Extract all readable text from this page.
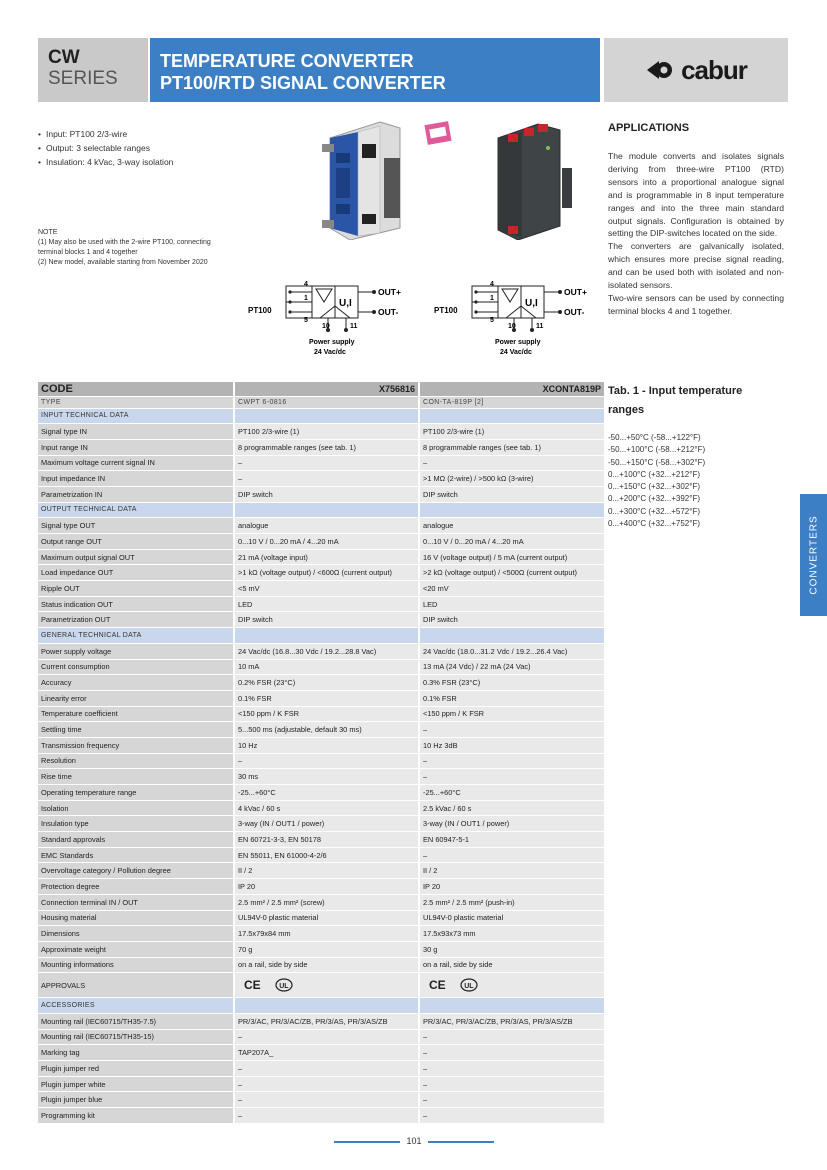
CW
SERIES
TEMPERATURE CONVERTER
PT100/RTD SIGNAL CONVERTER	cabur
• Input: PT100 2/3-wire
• Output: 3 selectable ranges
• Insulation: 4 kVac, 3-way isolation
NOTE
(1) May also be used with the 2-wire PT100, connecting terminal blocks 1 and 4 together
(2) New model, available starting from November 2020
4
1
5
10	11
U,I
PT100
OUT+
OUT-
Power supply
24 Vac/dc
4
1
5
10	11
U,I
PT100
OUT+
OUT-
Power supply
24 Vac/dc
APPLICATIONS

The module converts and isolates signals deriving from three-wire PT100 (RTD) sensors into a proportional analogue signal and is programmable in 8 input temperature ranges and into the three main standard output signals. Configuration is obtained by setting the DIP-switches located on the side.

The converters are galvanically isolated, which ensures more precise signal reading, and can be used both with isolated and non-isolated sensors.

Two-wire sensors can be used by connecting terminal blocks 4 and 1 together.

Tab. 1 - Input temperature ranges
-50...+50°C (-58...+122°F)
-50...+100°C (-58...+212°F)
-50...+150°C (-58...+302°F)
0...+100°C (+32...+212°F)
0...+150°C (+32...+302°F)
0...+200°C (+32...+392°F)
0...+300°C (+32...+572°F)
0...+400°C (+32...+752°F)	CONVERTERS
CODE	X756816	XCONTA819P
TYPE	CWPT 6-0816	CON-TA-819P [2]
INPUT TECHNICAL DATA		
Signal type IN	PT100 2/3-wire (1)	PT100 2/3-wire (1)
Input range IN	8 programmable ranges (see tab. 1)	8 programmable ranges (see tab. 1)
Maximum voltage current signal IN	–	–
Input impedance IN	–	>1 MΩ (2-wire) / >500 kΩ (3-wire)
Parametrization IN	DIP switch	DIP switch
OUTPUT TECHNICAL DATA		
Signal type OUT	analogue	analogue
Output range OUT	0...10 V / 0...20 mA / 4...20 mA	0...10 V / 0...20 mA / 4...20 mA
Maximum output signal OUT	21 mA (voltage input)	16 V (voltage output) / 5 mA (current output)
Load impedance OUT	>1 kΩ (voltage output) / <600Ω (current output)	>2 kΩ (voltage output) / <500Ω (current output)
Ripple OUT	<5 mV	<20 mV
Status indication OUT	LED	LED
Parametrization OUT	DIP switch	DIP switch
GENERAL TECHNICAL DATA		
Power supply voltage	24 Vac/dc (16.8...30 Vdc / 19.2...28.8 Vac)	24 Vac/dc (18.0...31.2 Vdc / 19.2...26.4 Vac)
Current consumption	10 mA	13 mA (24 Vdc) / 22 mA (24 Vac)
Accuracy	0.2% FSR (23°C)	0.3% FSR (23°C)
Linearity error	0.1% FSR	0.1% FSR
Temperature coefficient	<150 ppm / K FSR	<150 ppm / K FSR
Settling time	5...500 ms (adjustable, default 30 ms)	–
Transmission frequency	10 Hz	10 Hz 3dB
Resolution	–	–
Rise time	30 ms	–
Operating temperature range	-25...+60°C	-25...+60°C
Isolation	4 kVac / 60 s	2.5 kVac / 60 s
Insulation type	3-way (IN / OUT1 / power)	3-way (IN / OUT1 / power)
Standard approvals	EN 60721-3-3, EN 50178	EN 60947-5-1
EMC Standards	EN 55011, EN 61000-4-2/6	–
Overvoltage category / Pollution degree	II / 2	II / 2
Protection degree	IP 20	IP 20
Connection terminal IN / OUT	2.5 mm² / 2.5 mm² (screw)	2.5 mm² / 2.5 mm² (push-in)
Housing material	UL94V-0 plastic material	UL94V-0 plastic material
Dimensions	17.5x79x84 mm	17.5x93x73 mm
Approximate weight	70 g	30 g
Mounting informations	on a rail, side by side	on a rail, side by side
APPROVALS	CE UL	CE UL

ACCESSORIES		
Mounting rail (IEC60715/TH35-7.5)	PR/3/AC, PR/3/AC/ZB, PR/3/AS, PR/3/AS/ZB	PR/3/AC, PR/3/AC/ZB, PR/3/AS, PR/3/AS/ZB
Mounting rail (IEC60715/TH35-15)	–	–
Marking tag	TAP207A_	–
Plugin jumper red	–	–
Plugin jumper white	–	–
Plugin jumper blue	–	–
Programming kit	–	–
101
